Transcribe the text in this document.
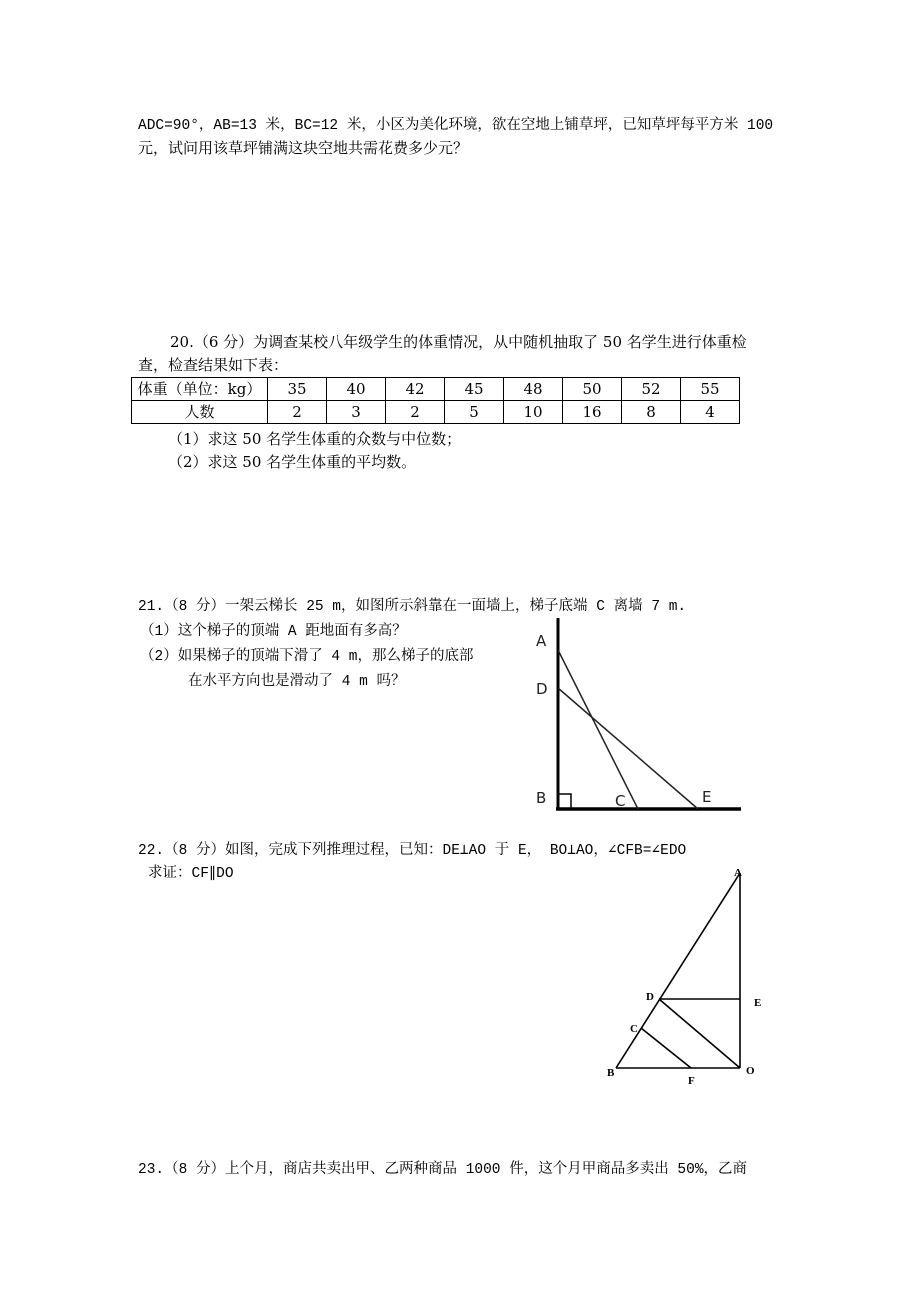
ADC=90°，AB=13 米，BC=12 米，小区为美化环境，欲在空地上铺草坪，已知草坪每平方米 100
元，试问用该草坪铺满这块空地共需花费多少元？
20.（6 分）为调查某校八年级学生的体重情况，从中随机抽取了 50 名学生进行体重检
查，检查结果如下表：
体重（单位：kg）	35	40	42	45	48	50	52	55
人数	2	3	2	5	10	16	8	4
（1）求这 50 名学生体重的众数与中位数；
（2）求这 50 名学生体重的平均数。
21.（8 分）一架云梯长 25 m，如图所示斜靠在一面墙上，梯子底端 C 离墙 7 m.
（1）这个梯子的顶端 A 距地面有多高？
（2）如果梯子的顶端下滑了 4 m，那么梯子的底部
在水平方向也是滑动了 4 m 吗？
A
D
B	C	E
22.（8 分）如图，完成下列推理过程，已知：DE⊥AO 于 E， BO⊥AO，∠CFB=∠EDO
求证：CF∥DO	A
D	E
C
B
F
O
23.（8 分）上个月，商店共卖出甲、乙两种商品 1000 件，这个月甲商品多卖出 50%，乙商
